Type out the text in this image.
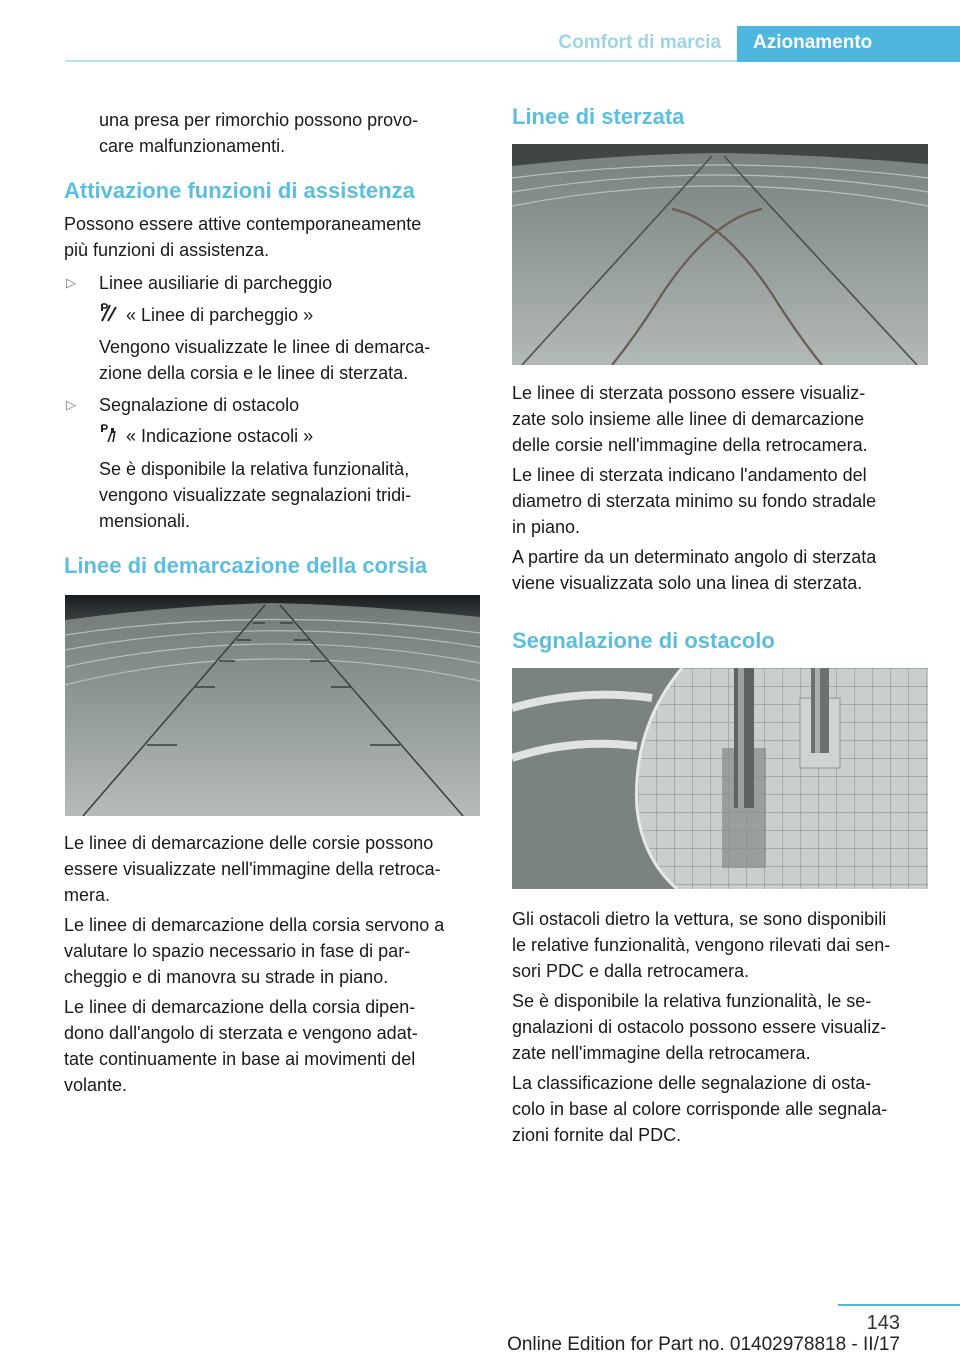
Comfort di marcia	Azionamento
una presa per rimorchio possono provo-
care malfunzionamenti.
Attivazione funzioni di assistenza
Possono essere attive contemporaneamente
più funzioni di assistenza.
▷ Linee ausiliarie di parcheggio
« Linee di parcheggio »
Vengono visualizzate le linee di demarca-
zione della corsia e le linee di sterzata.
▷ Segnalazione di ostacolo
« Indicazione ostacoli »
Se è disponibile la relativa funzionalità,
vengono visualizzate segnalazioni tridi-
mensionali.
Linee di demarcazione della corsia
Le linee di demarcazione delle corsie possono
essere visualizzate nell'immagine della retroca-
mera.
Le linee di demarcazione della corsia servono a
valutare lo spazio necessario in fase di par-
cheggio e di manovra su strade in piano.
Le linee di demarcazione della corsia dipen-
dono dall'angolo di sterzata e vengono adat-
tate continuamente in base ai movimenti del
volante.
Linee di sterzata
Le linee di sterzata possono essere visualiz-
zate solo insieme alle linee di demarcazione
delle corsie nell'immagine della retrocamera.
Le linee di sterzata indicano l'andamento del
diametro di sterzata minimo su fondo stradale
in piano.
A partire da un determinato angolo di sterzata
viene visualizzata solo una linea di sterzata.
Segnalazione di ostacolo
Gli ostacoli dietro la vettura, se sono disponibili
le relative funzionalità, vengono rilevati dai sen-
sori PDC e dalla retrocamera.
Se è disponibile la relativa funzionalità, le se-
gnalazioni di ostacolo possono essere visualiz-
zate nell'immagine della retrocamera.
La classificazione delle segnalazione di osta-
colo in base al colore corrisponde alle segnala-
zioni fornite dal PDC.
143
Online Edition for Part no. 01402978818 - II/17
